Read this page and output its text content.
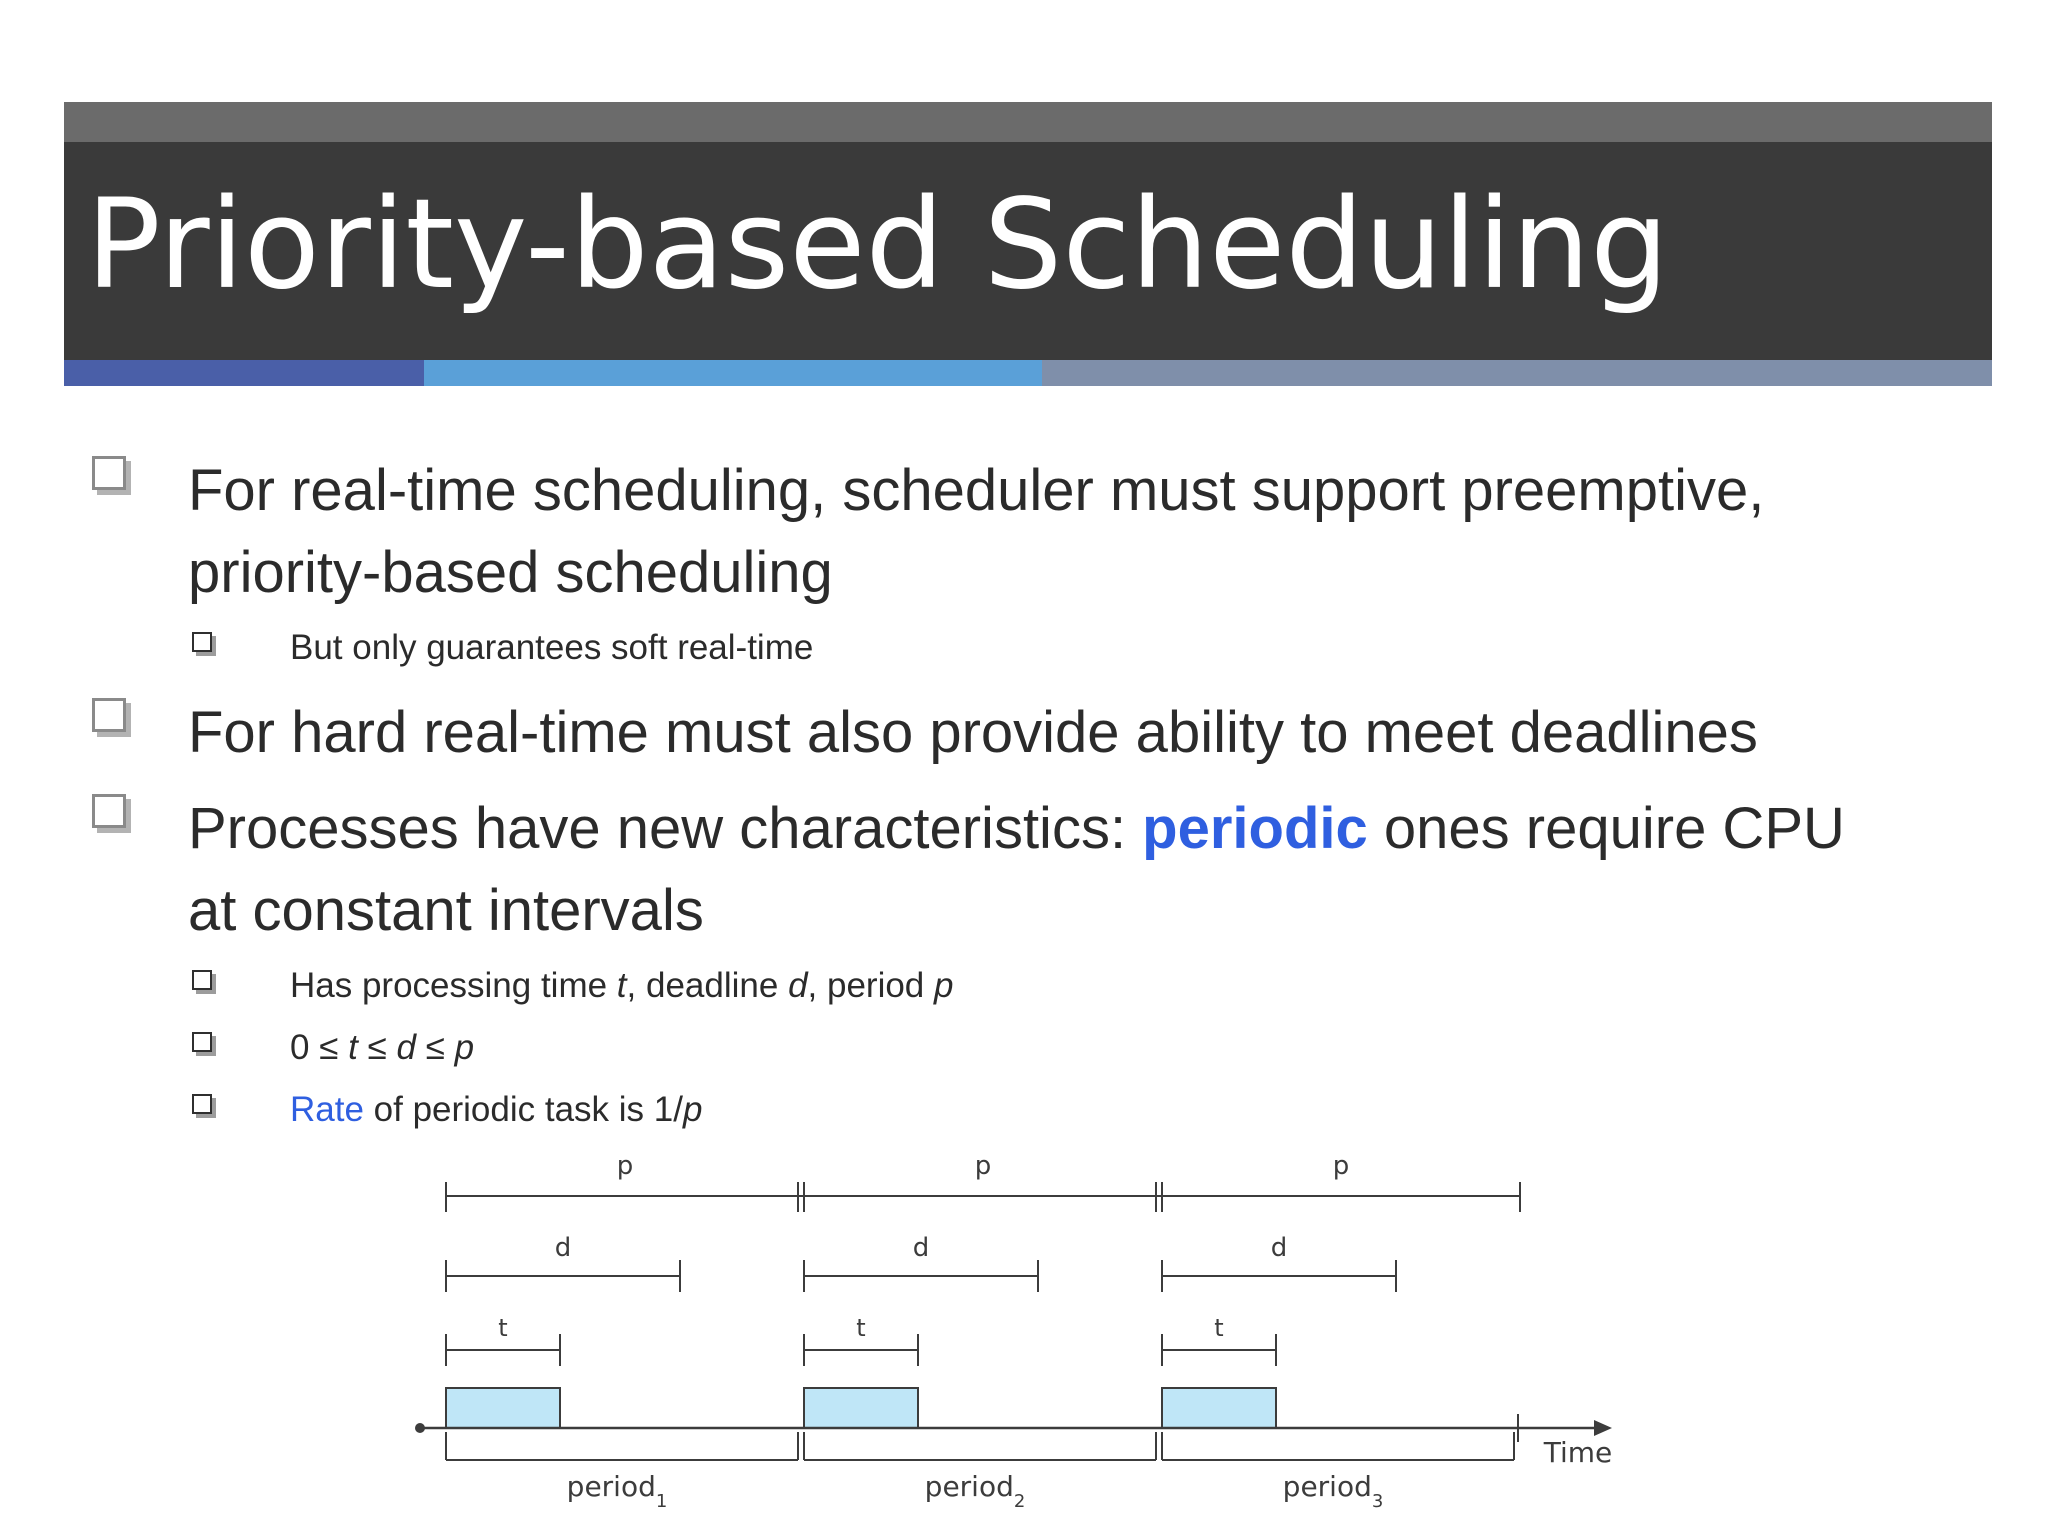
Priority-based Scheduling
For real-time scheduling, scheduler must support preemptive,
priority-based scheduling
But only guarantees soft real-time
For hard real-time must also provide ability to meet deadlines
Processes have new characteristics: periodic ones require CPU
at constant intervals
Has processing time t, deadline d, period p
0 ≤ t ≤ d ≤ p
Rate of periodic task is 1/p
p
d
t
period$_1$
p
d
t
period$_2$
p
d
t
period$_3$
Time
